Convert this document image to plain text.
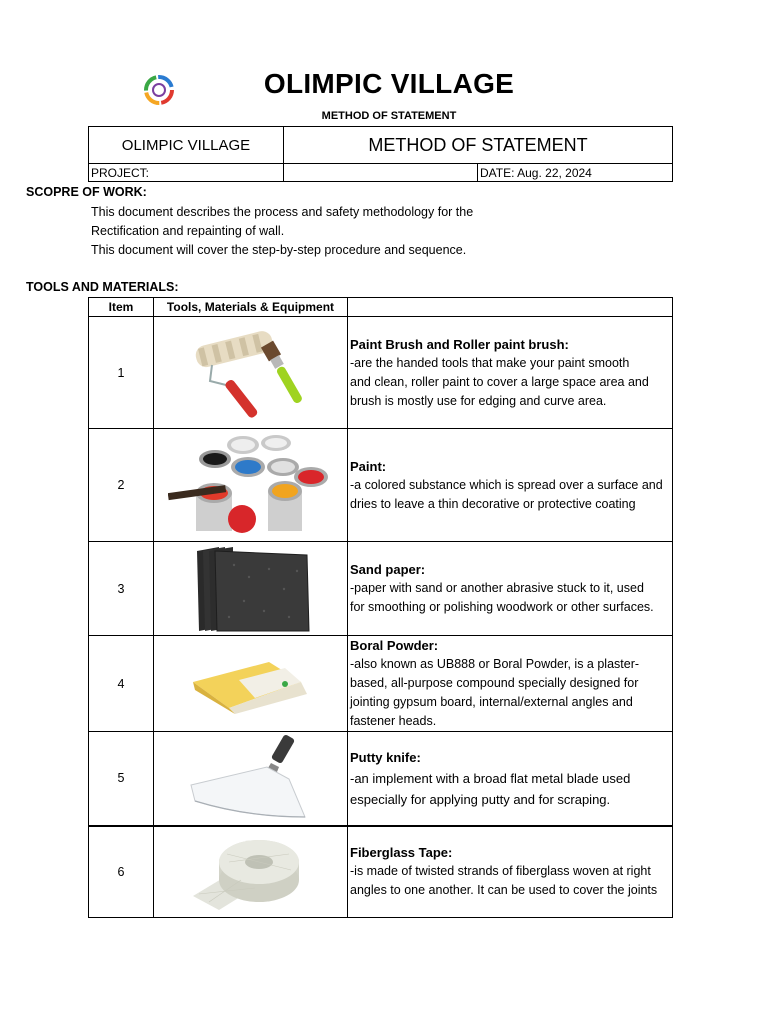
OLIMPIC VILLAGE
METHOD OF STATEMENT
OLIMPIC VILLAGE	METHOD OF STATEMENT	
PROJECT:		DATE: Aug. 22, 2024
SCOPRE OF WORK:
This document describes the process and safety methodology for the
Rectification and repainting of wall.
This document will cover the step-by-step procedure and sequence.
TOOLS AND MATERIALS:
Item	Tools, Materials & Equipment	
1		Paint Brush and Roller paint brush:
-are the handed tools that make your paint smooth
and clean, roller paint to cover a large space area and
brush is mostly use for edging and curve area.

2		Paint:
-a colored substance which is spread over a surface and
dries to leave a thin decorative or protective coating

3		Sand paper:
-paper with sand or another abrasive stuck to it, used
for smoothing or polishing woodwork or other surfaces.

4		Boral Powder:
-also known as UB888 or Boral Powder, is a plaster-
based, all-purpose compound specially designed for
jointing gypsum board, internal/external angles and
fastener heads.

5		Putty knife:
-an implement with a broad flat metal blade used
especially for applying putty and for scraping.

6		Fiberglass Tape:
-is made of twisted strands of fiberglass woven at right
angles to one another. It can be used to cover the joints
